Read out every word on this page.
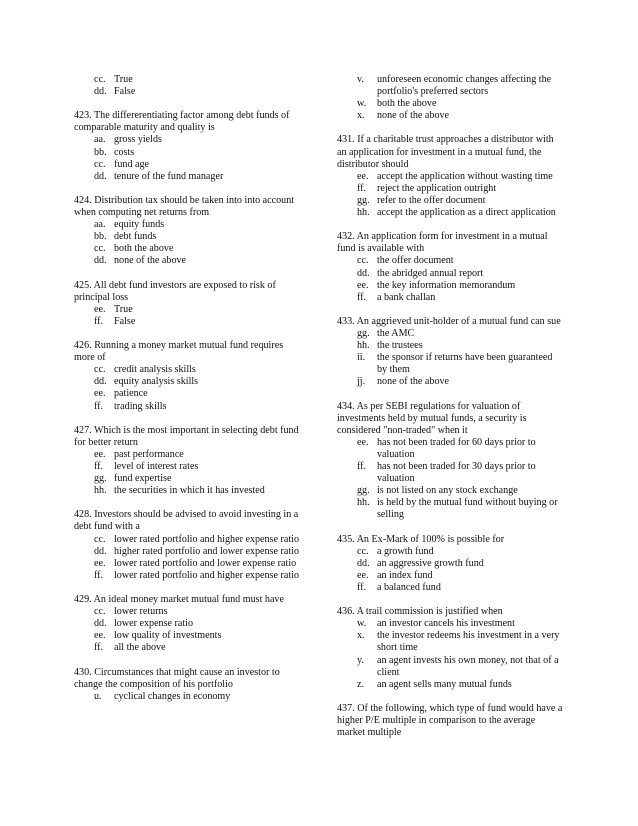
cc. True
dd. False

423. The differerentiating factor among debt funds of comparable maturity and quality is

aa. gross yields
bb. costs
cc. fund age
dd. tenure of the fund manager

424. Distribution tax should be taken into into account when computing net returns from

aa. equity funds
bb. debt funds
cc. both the above
dd. none of the above

425. All debt fund investors are exposed to risk of principal loss

ee. True
ff.	False

426. Running a money market mutual fund requires more of

cc. credit analysis skills
dd. equity analysis skills
ee. patience
ff.	trading skills

427. Which is the most important in selecting debt fund for better return

ee. past performance
ff.	level of interest rates
gg. fund expertise
hh. the securities in which it has invested

428. Investors should be advised to avoid investing in a debt fund with a

cc. lower rated portfolio and higher expense ratio
dd. higher rated portfolio and lower expense ratio
ee. lower rated portfolio and lower expense ratio
ff.	lower rated portfolio and higher expense ratio

429. An ideal money market mutual fund must have

cc. lower returns
dd. lower expense ratio
ee. low quality of investments
ff.	all the above

430. Circumstances that might cause an investor to change the composition of his portfolio

u.	cyclical changes in economy
v.	unforeseen economic changes affecting the portfolio's preferred sectors
w.	both the above
x.	none of the above

431. If a charitable trust approaches a distributor with an application for investment in a mutual fund, the distributor should

ee. accept the application without wasting time
ff.	reject the application outright
gg. refer to the offer document
hh. accept the application as a direct application

432. An application form for investment in a mutual fund is available with

cc. the offer document
dd. the abridged annual report
ee. the key information memorandum
ff.	a bank challan

433. An aggrieved unit-holder of a mutual fund can sue

gg. the AMC
hh. the trustees
ii.	the sponsor if returns have been guaranteed by them
jj.	none of the above

434. As per SEBI regulations for valuation of investments held by mutual funds, a security is considered "non-traded" when it

ee. has not been traded for 60 days prior to valuation
ff.	has not been traded for 30 days prior to valuation
gg. is not listed on any stock exchange
hh. is held by the mutual fund without buying or selling

435. An Ex-Mark of 100% is possible for

cc. a growth fund
dd. an aggressive growth fund
ee. an index fund
ff.	a balanced fund

436. A trail commission is justified when

w.	an investor cancels his investment
x.	the investor redeems his investment in a very short time
y.	an agent invests his own money, not that of a client
z.	an agent sells many mutual funds

437. Of the following, which type of fund would have a higher P/E multiple in comparison to the average market multiple
